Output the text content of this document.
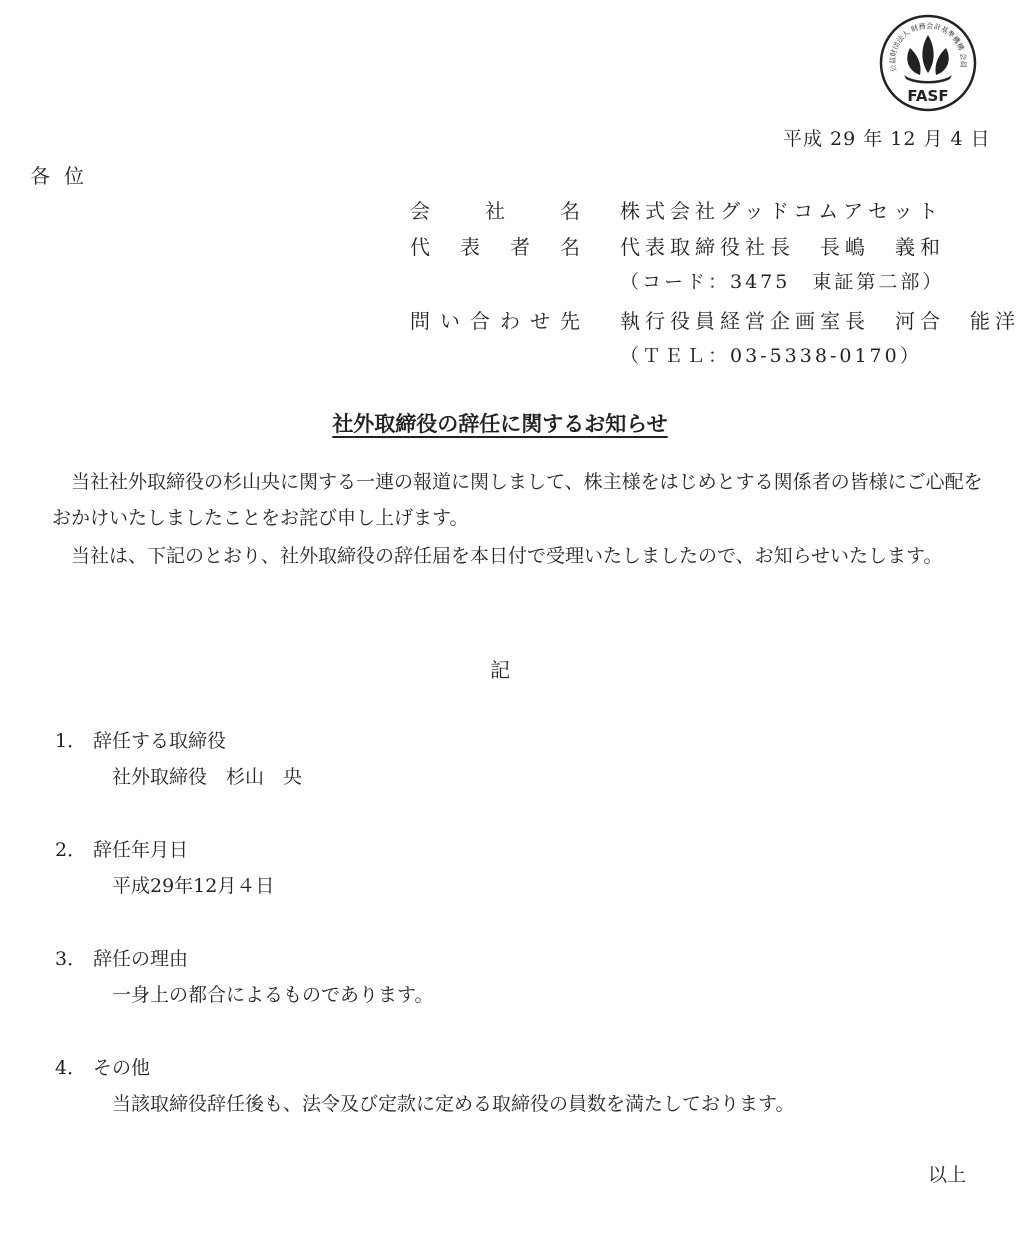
公益財団法人 財務会計基準機構 会員
FASF
平成 29 年 12 月 4 日
各位
会	社	名 株式会社グッドコムアセット
代 表 者 名 代表取締役社長　長嶋　義和
（コード：3475　東証第二部）
問 い 合 わ せ 先 執行役員経営企画室長　河合　能洋
（ＴＥＬ：03-5338-0170）
社外取締役の辞任に関するお知らせ
当社社外取締役の杉山央に関する一連の報道に関しまして、株主様をはじめとする関係者の皆様にご心配をおかけいたしましたことをお詫び申し上げます。
当社は、下記のとおり、社外取締役の辞任届を本日付で受理いたしましたので、お知らせいたします。
記
1． 辞任する取締役
社外取締役　杉山　央
2． 辞任年月日
平成29年12月４日
3． 辞任の理由
一身上の都合によるものであります。
4． その他
当該取締役辞任後も、法令及び定款に定める取締役の員数を満たしております。
以上
